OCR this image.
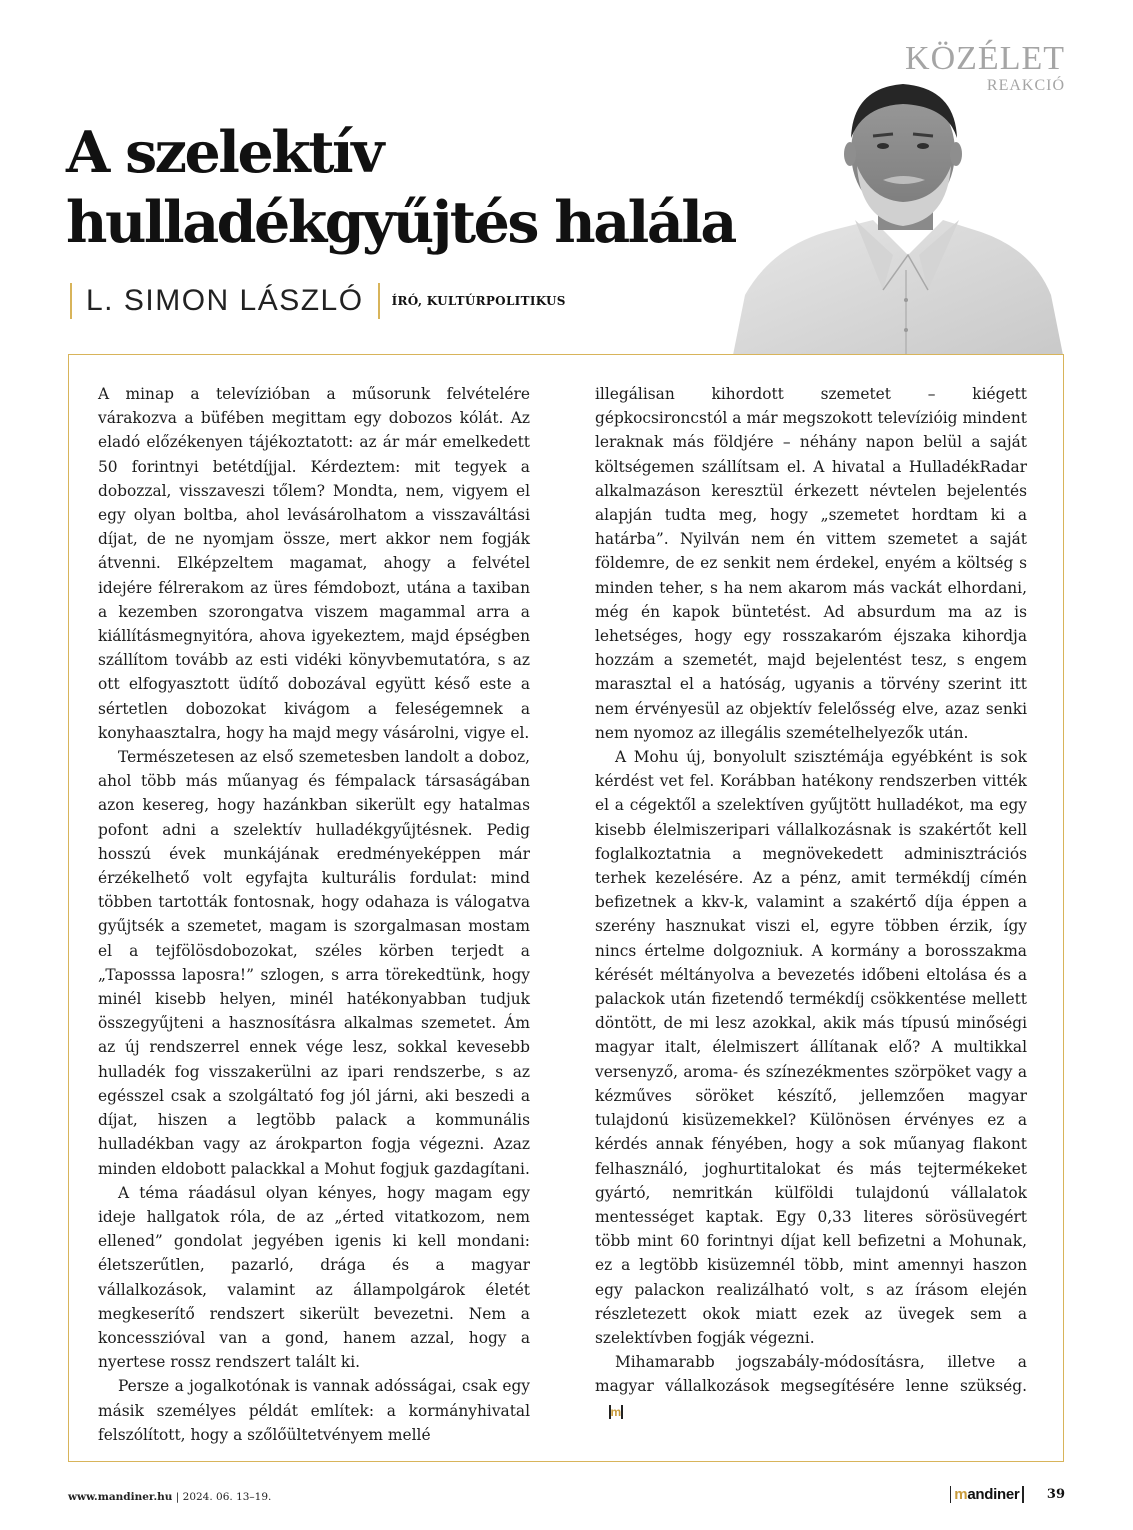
KÖZÉLET
REAKCIÓ
A szelektív
hulladékgyűjtés halála
L. SIMON LÁSZLÓ ÍRÓ, KULTÚRPOLITIKUS

A minap a televízióban a műsorunk felvételére várakozva a büfében megittam egy dobozos kólát. Az eladó előzékenyen tájékoztatott: az ár már emelkedett 50 forintnyi betétdíjjal. Kérdeztem: mit tegyek a dobozzal, visszaveszi tőlem? Mondta, nem, vigyem el egy olyan boltba, ahol levásárolhatom a visszaváltási díjat, de ne nyomjam össze, mert akkor nem fogják átvenni. Elképzeltem magamat, ahogy a felvétel idejére félrerakom az üres fémdobozt, utána a taxiban a kezemben szorongatva viszem magammal arra a kiállításmegnyitóra, ahova igyekeztem, majd épségben szállítom tovább az esti vidéki könyvbemutatóra, s az ott elfogyasztott üdítő dobozával együtt késő este a sértetlen dobozokat kivágom a feleségemnek a konyhaasztalra, hogy ha majd megy vásárolni, vigye el.

Természetesen az első szemetesben landolt a doboz, ahol több más műanyag és fémpalack társaságában azon kesereg, hogy hazánkban sikerült egy hatalmas pofont adni a szelektív hulladékgyűjtésnek. Pedig hosszú évek munkájának eredményeképpen már érzékelhető volt egyfajta kulturális fordulat: mind többen tartották fontosnak, hogy odahaza is válogatva gyűjtsék a szemetet, magam is szorgalmasan mostam el a tejfölösdobozokat, széles körben terjedt a „Taposssa laposra!” szlogen, s arra törekedtünk, hogy minél kisebb helyen, minél hatékonyabban tudjuk összegyűjteni a hasznosításra alkalmas szemetet. Ám az új rendszerrel ennek vége lesz, sokkal kevesebb hulladék fog visszakerülni az ipari rendszerbe, s az egésszel csak a szolgáltató fog jól járni, aki beszedi a díjat, hiszen a legtöbb palack a kommunális hulladékban vagy az árokparton fogja végezni. Azaz minden eldobott palackkal a Mohut fogjuk gazdagítani.

A téma ráadásul olyan kényes, hogy magam egy ideje hallgatok róla, de az „érted vitatkozom, nem ellened” gondolat jegyében igenis ki kell mondani: életszerűtlen, pazarló, drága és a magyar vállalkozások, valamint az állampolgárok életét megkeserítő rendszert sikerült bevezetni. Nem a koncesszióval van a gond, hanem azzal, hogy a nyertese rossz rendszert talált ki.

Persze a jogalkotónak is vannak adósságai, csak egy másik személyes példát említek: a kormányhivatal felszólított, hogy a szőlőültetvényem mellé

illegálisan kihordott szemetet – kiégett gépkocsironcstól a már megszokott televízióig mindent leraknak más földjére – néhány napon belül a saját költségemen szállítsam el. A hivatal a HulladékRadar alkalmazáson keresztül érkezett névtelen bejelentés alapján tudta meg, hogy „szemetet hordtam ki a határba”. Nyilván nem én vittem szemetet a saját földemre, de ez senkit nem érdekel, enyém a költség s minden teher, s ha nem akarom más vackát elhordani, még én kapok büntetést. Ad absurdum ma az is lehetséges, hogy egy rosszakaróm éjszaka kihordja hozzám a szemetét, majd bejelentést tesz, s engem marasztal el a hatóság, ugyanis a törvény szerint itt nem érvényesül az objektív felelősség elve, azaz senki nem nyomoz az illegális szemételhelyezők után.

A Mohu új, bonyolult szisztémája egyébként is sok kérdést vet fel. Korábban hatékony rendszerben vitték el a cégektől a szelektíven gyűjtött hulladékot, ma egy kisebb élelmiszeripari vállalkozásnak is szakértőt kell foglalkoztatnia a megnövekedett adminisztrációs terhek kezelésére. Az a pénz, amit termékdíj címén befizetnek a kkv-k, valamint a szakértő díja éppen a szerény hasznukat viszi el, egyre többen érzik, így nincs értelme dolgozniuk. A kormány a borosszakma kérését méltányolva a bevezetés időbeni eltolása és a palackok után fizetendő termékdíj csökkentése mellett döntött, de mi lesz azokkal, akik más típusú minőségi magyar italt, élelmiszert állítanak elő? A multikkal versenyző, aroma- és színezékmentes szörpöket vagy a kézműves söröket készítő, jellemzően magyar tulajdonú kisüzemekkel? Különösen érvényes ez a kérdés annak fényében, hogy a sok műanyag flakont felhasználó, joghurtitalokat és más tejtermékeket gyártó, nemritkán külföldi tulajdonú vállalatok mentességet kaptak. Egy 0,33 literes sörösüvegért több mint 60 forintnyi díjat kell befizetni a Mohunak, ez a legtöbb kisüzemnél több, mint amennyi haszon egy palackon realizálható volt, s az írásom elején részletezett okok miatt ezek az üvegek sem a szelektívben fogják végezni.

Mihamarabb jogszabály-módosításra, illetve a magyar vállalkozások megsegítésére lenne szükség.m

www.mandiner.hu | 2024. 06. 13–19.	m andiner 39
